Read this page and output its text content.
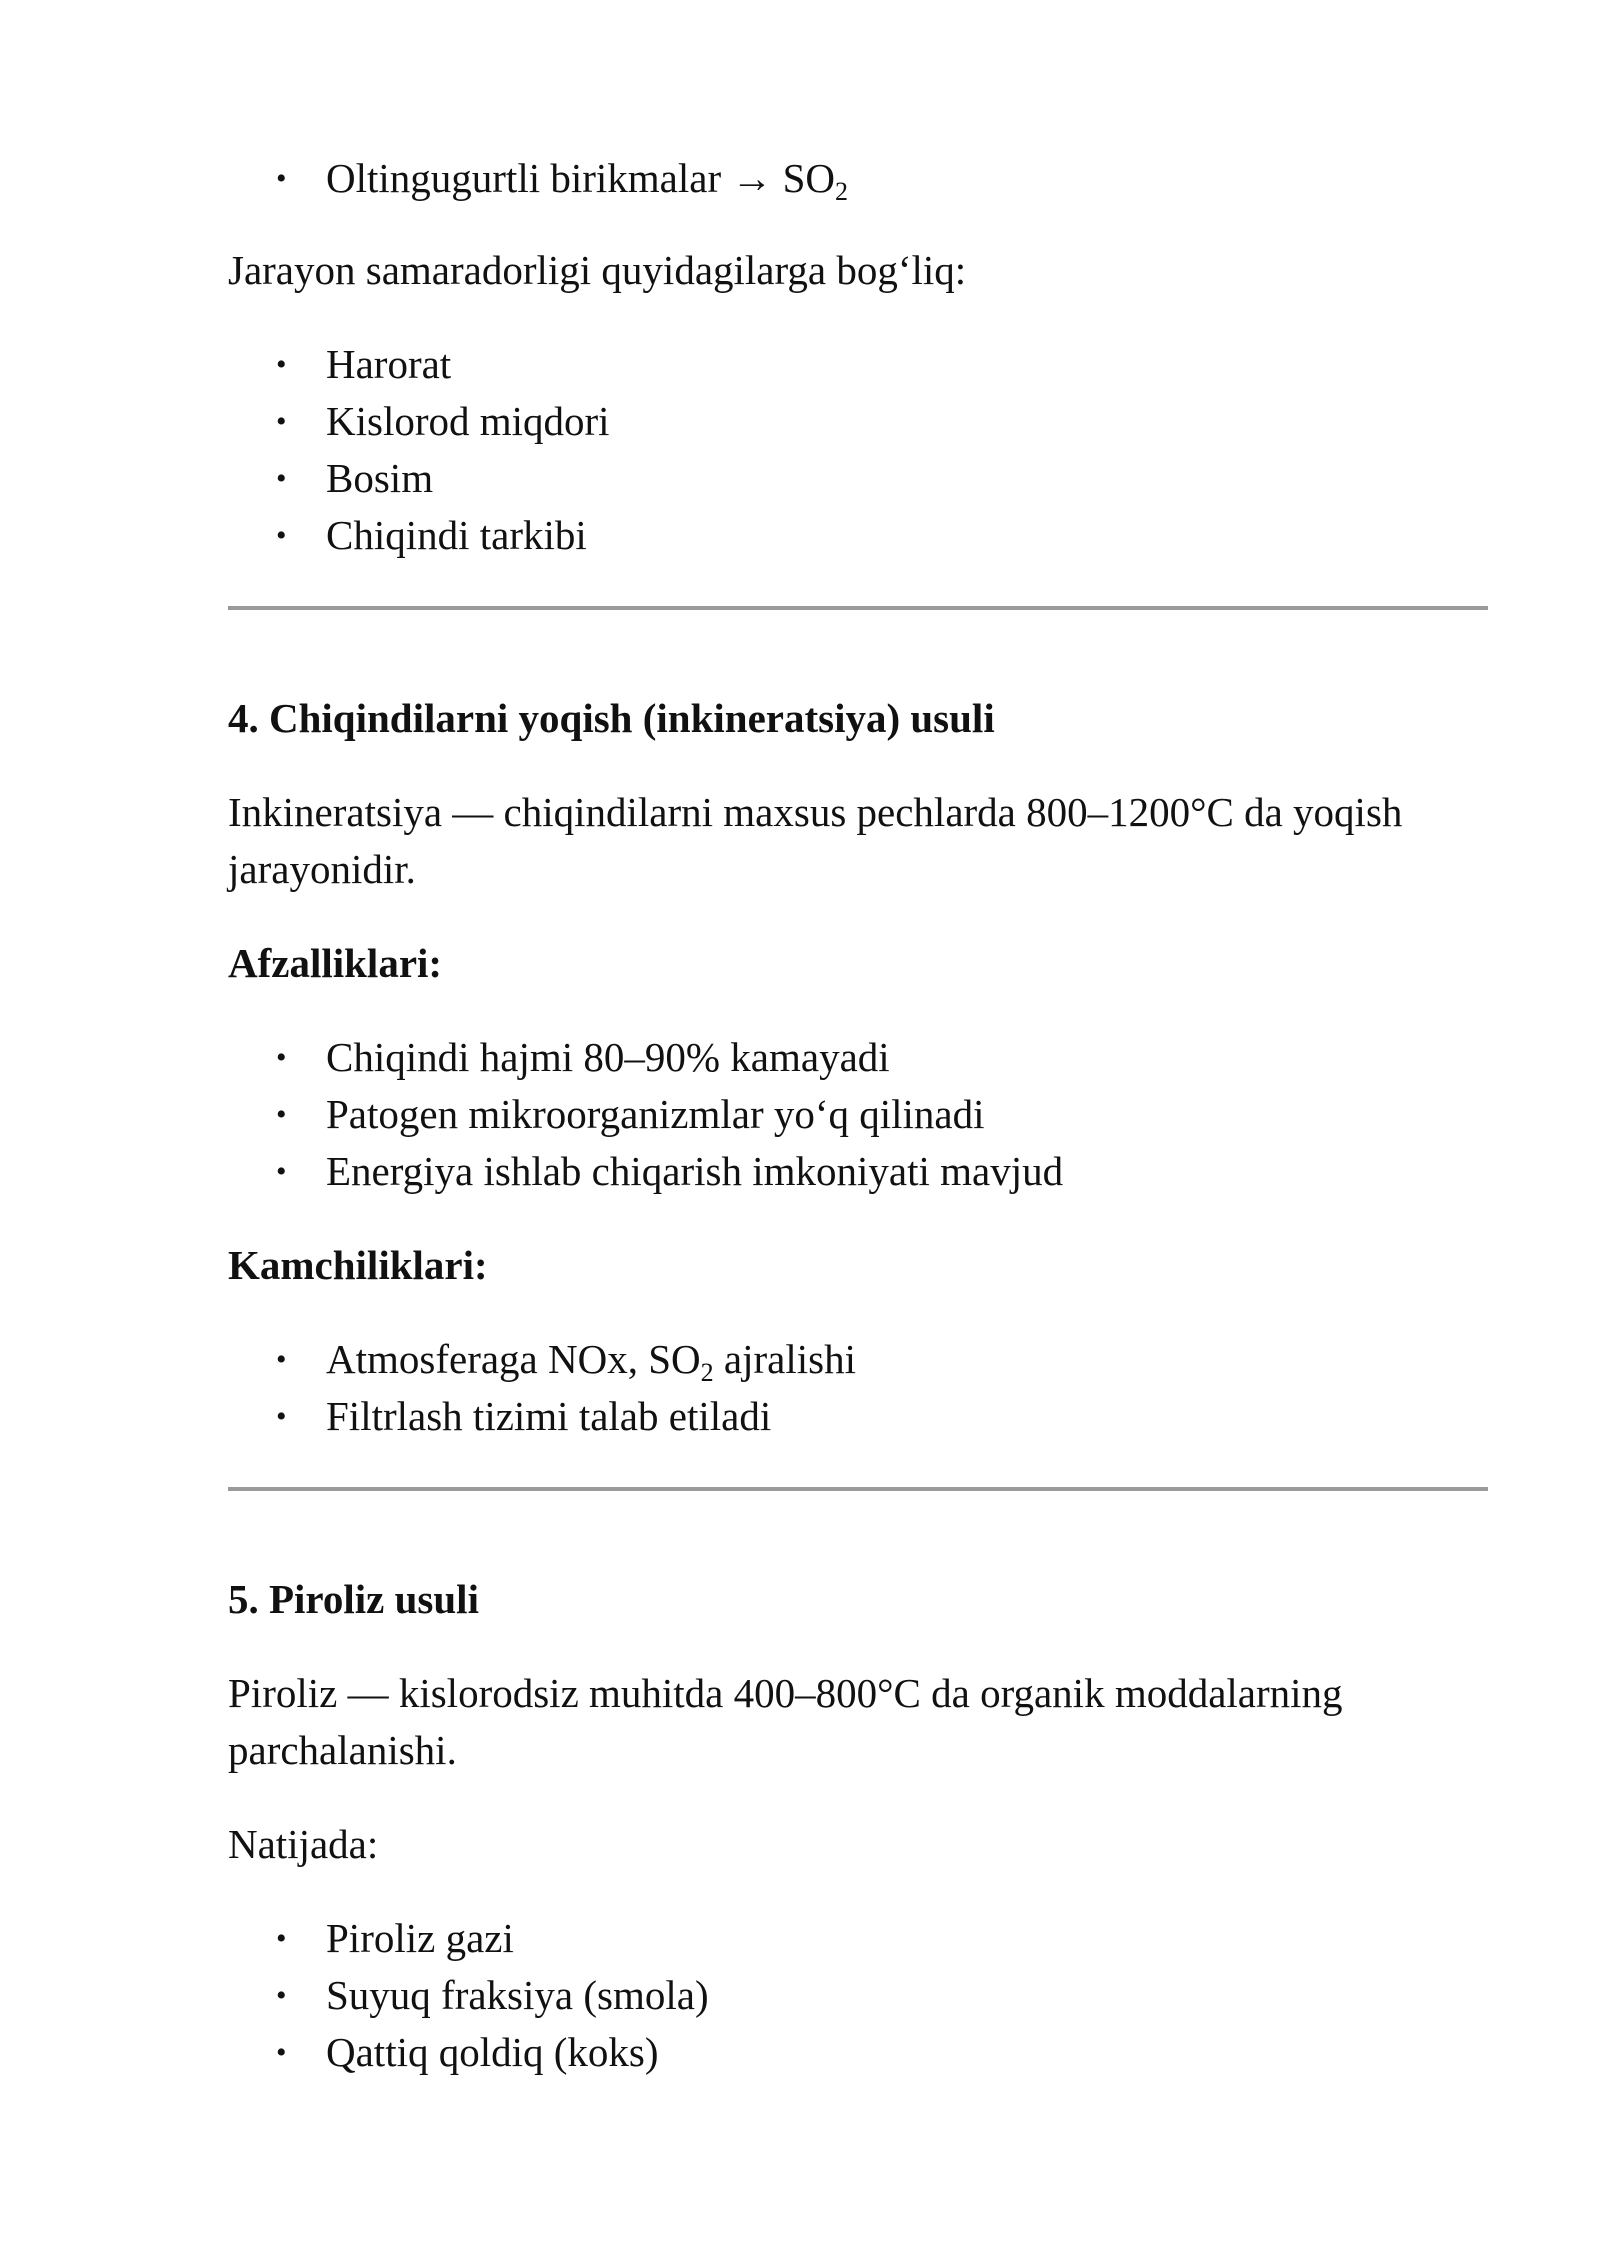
• Oltingugurtli birikmalar → $SO_2$

Jarayon samaradorligi quyidagilarga bogʻliq:

• Harorat
• Kislorod miqdori
• Bosim
• Chiqindi tarkibi
4. Chiqindilarni yoqish (inkineratsiya) usuli

Inkineratsiya — chiqindilarni maxsus pechlarda 800–1200°C da yoqish jarayonidir.

Afzalliklari:
• Chiqindi hajmi 80–90% kamayadi
• Patogen mikroorganizmlar yoʻq qilinadi
• Energiya ishlab chiqarish imkoniyati mavjud
Kamchiliklari:
• Atmosferaga NOx, $SO_2$ ajralishi
• Filtrlash tizimi talab etiladi
5. Piroliz usuli

Piroliz — kislorodsiz muhitda 400–800°C da organik moddalarning parchalanishi.

Natijada:

• Piroliz gazi
• Suyuq fraksiya (smola)
• Qattiq qoldiq (koks)
